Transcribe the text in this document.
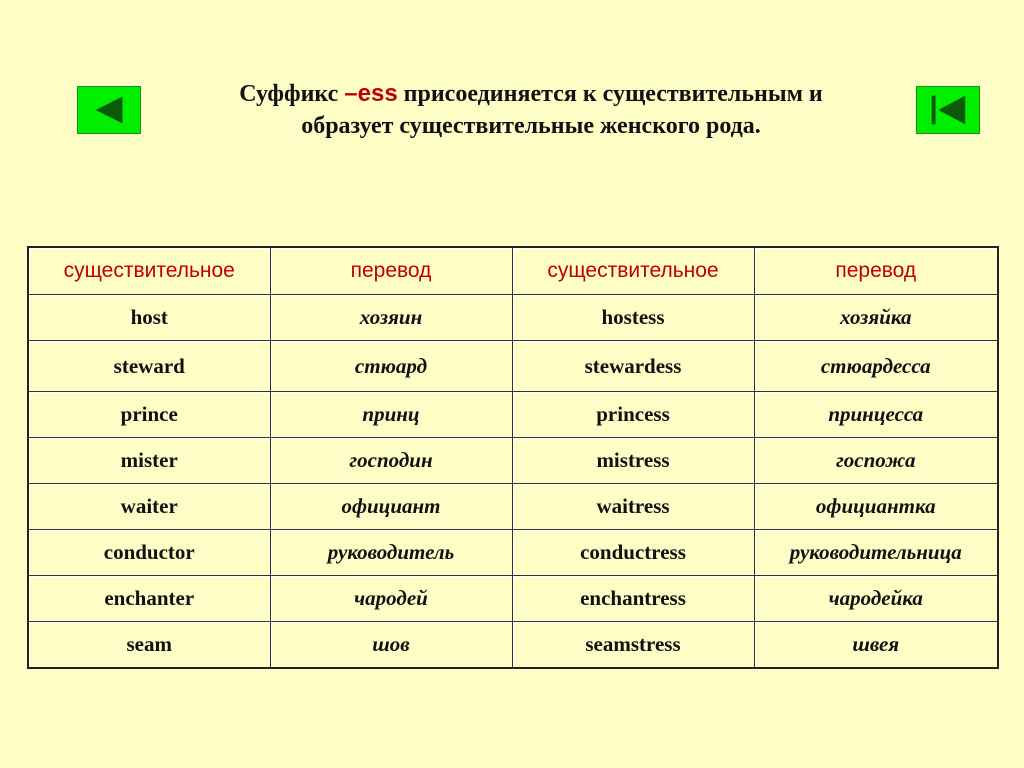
Суффикс –ess присоединяется к существительным и
образует существительные женского рода.
существительное	перевод	существительное	перевод
host	хозяин	hostess	хозяйка
steward	стюард	stewardess	стюардесса
prince	принц	princess	принцесса
mister	господин	mistress	госпожа
waiter	официант	waitress	официантка
conductor	руководитель	conductress	руководительница
enchanter	чародей	enchantress	чародейка
seam	шов	seamstress	швея
